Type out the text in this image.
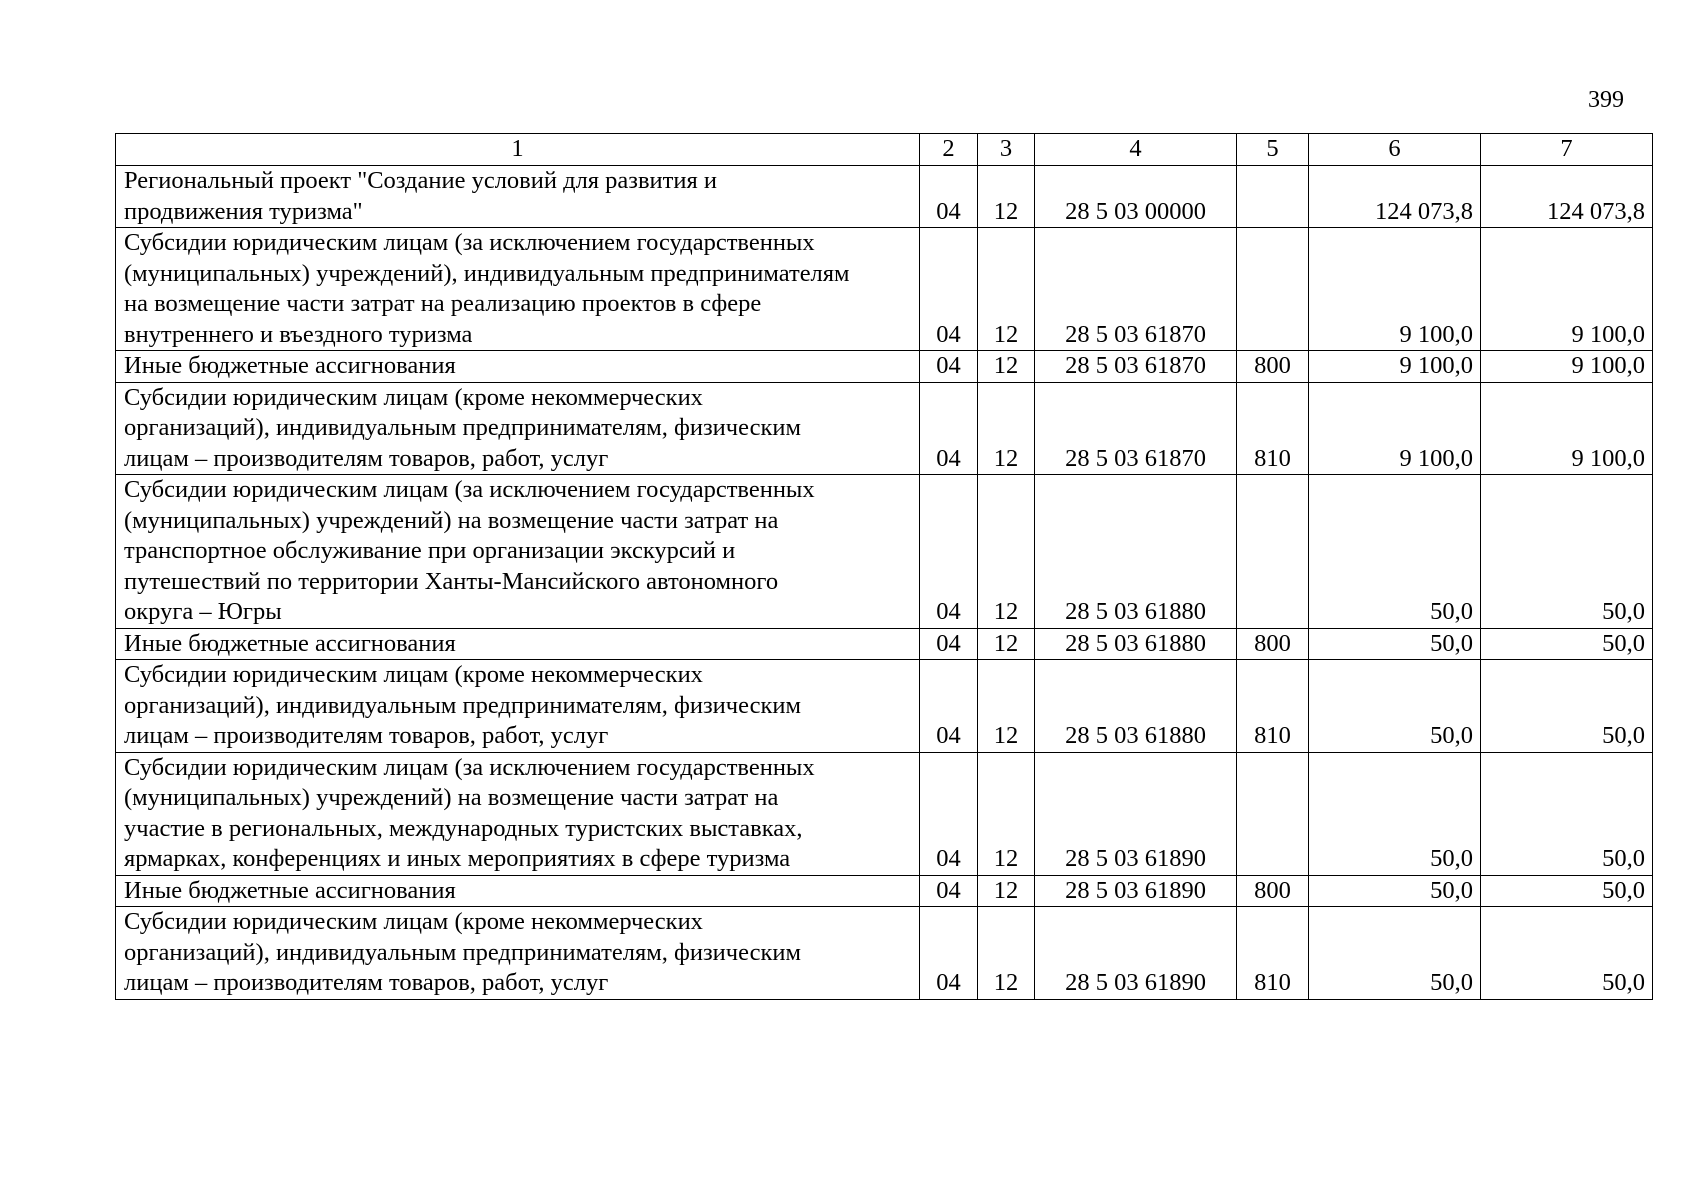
399
1	2	3	4	5	6	7
Региональный проект "Создание условий для развития и
продвижения туризма"	04	12	28 5 03 00000		124 073,8	124 073,8
Субсидии юридическим лицам (за исключением государственных
(муниципальных) учреждений), индивидуальным предпринимателям
на возмещение части затрат на реализацию проектов в сфере
внутреннего и въездного туризма	04	12	28 5 03 61870		9 100,0	9 100,0
Иные бюджетные ассигнования	04	12	28 5 03 61870	800	9 100,0	9 100,0
Субсидии юридическим лицам (кроме некоммерческих
организаций), индивидуальным предпринимателям, физическим
лицам – производителям товаров, работ, услуг	04	12	28 5 03 61870	810	9 100,0	9 100,0
Субсидии юридическим лицам (за исключением государственных
(муниципальных) учреждений) на возмещение части затрат на
транспортное обслуживание при организации экскурсий и
путешествий по территории Ханты-Мансийского автономного
округа – Югры	04	12	28 5 03 61880		50,0	50,0
Иные бюджетные ассигнования	04	12	28 5 03 61880	800	50,0	50,0
Субсидии юридическим лицам (кроме некоммерческих
организаций), индивидуальным предпринимателям, физическим
лицам – производителям товаров, работ, услуг	04	12	28 5 03 61880	810	50,0	50,0
Субсидии юридическим лицам (за исключением государственных
(муниципальных) учреждений) на возмещение части затрат на
участие в региональных, международных туристских выставках,
ярмарках, конференциях и иных мероприятиях в сфере туризма	04	12	28 5 03 61890		50,0	50,0
Иные бюджетные ассигнования	04	12	28 5 03 61890	800	50,0	50,0
Субсидии юридическим лицам (кроме некоммерческих
организаций), индивидуальным предпринимателям, физическим
лицам – производителям товаров, работ, услуг	04	12	28 5 03 61890	810	50,0	50,0
